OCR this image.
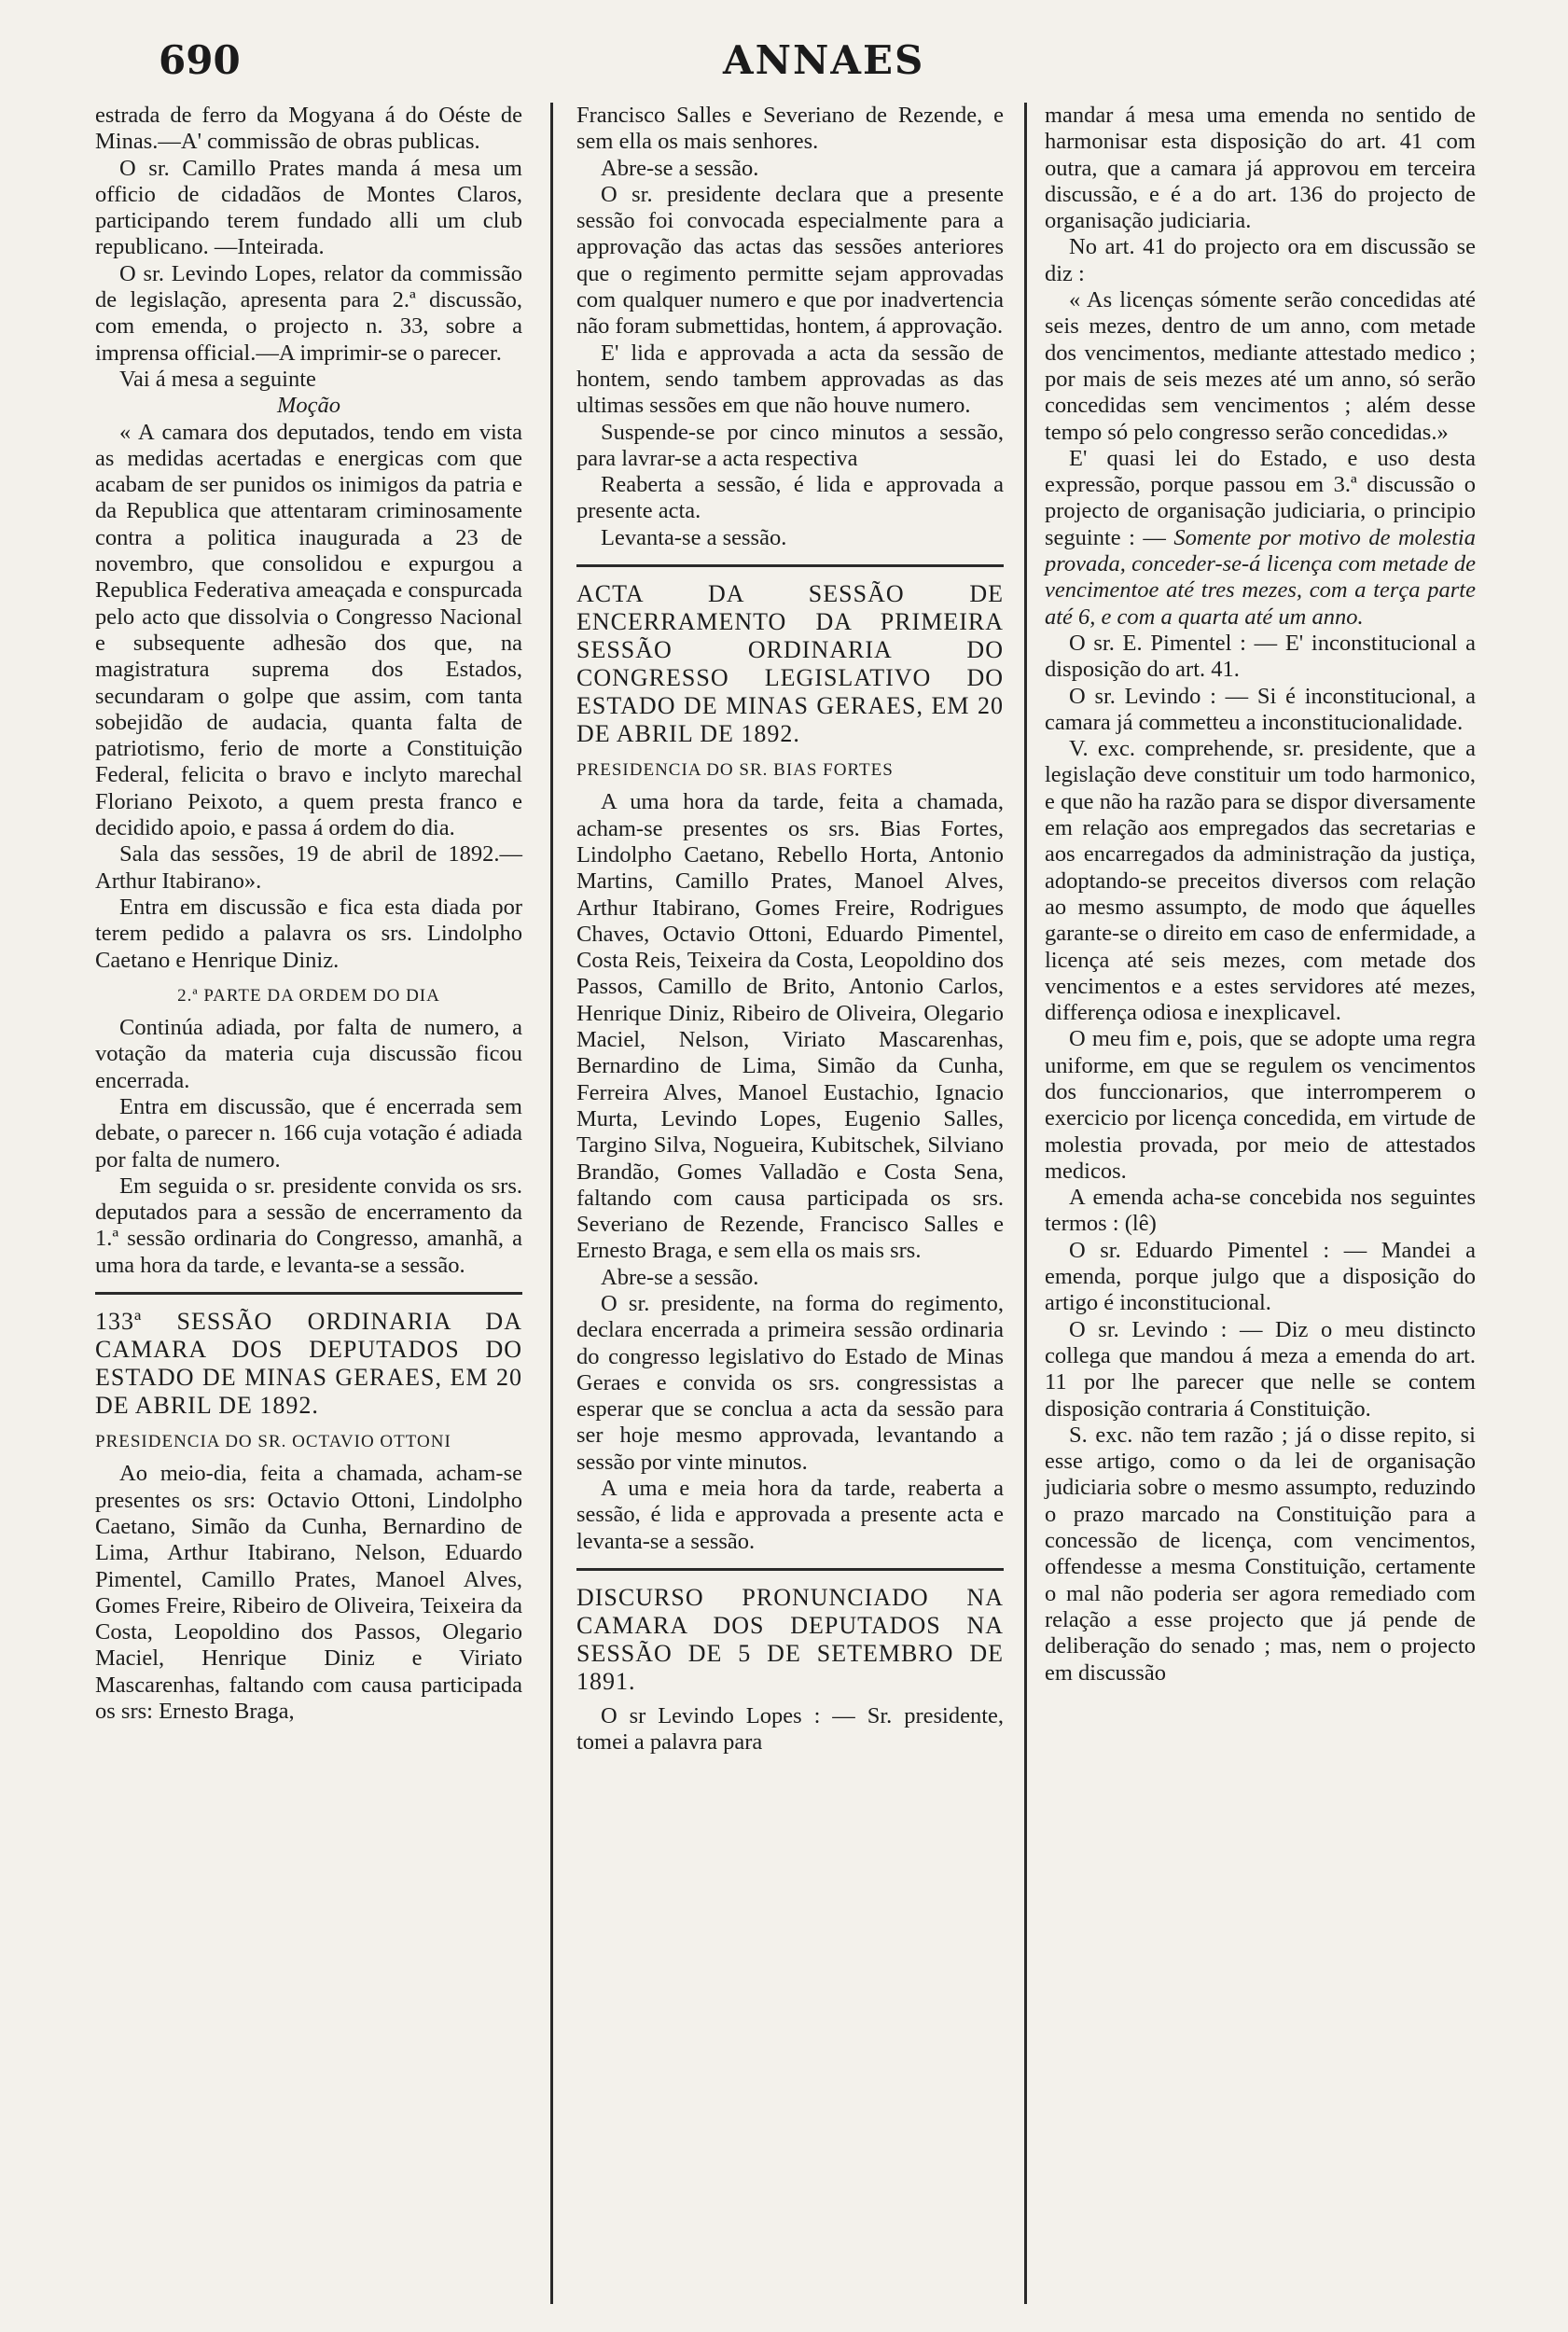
690	ANNAES

estrada de ferro da Mogyana á do Oéste de Minas.—A' commissão de obras publicas.

O sr. Camillo Prates manda á mesa um officio de cidadãos de Montes Claros, participando terem fundado alli um club republicano. —Inteirada.

O sr. Levindo Lopes, relator da commissão de legislação, apresenta para 2.ª discussão, com emenda, o projecto n. 33, sobre a imprensa official.—A imprimir-se o parecer.

Vai á mesa a seguinte

Moção

« A camara dos deputados, tendo em vista as medidas acertadas e energicas com que acabam de ser punidos os inimigos da patria e da Republica que attentaram criminosamente contra a politica inaugurada a 23 de novembro, que consolidou e expurgou a Republica Federativa ameaçada e conspurcada pelo acto que dissolvia o Congresso Nacional e subsequente adhesão dos que, na magistratura suprema dos Estados, secundaram o golpe que assim, com tanta sobejidão de audacia, quanta falta de patriotismo, ferio de morte a Constituição Federal, felicita o bravo e inclyto marechal Floriano Peixoto, a quem presta franco e decidido apoio, e passa á ordem do dia.

Sala das sessões, 19 de abril de 1892.—Arthur Itabirano».

Entra em discussão e fica esta diada por terem pedido a palavra os srs. Lindolpho Caetano e Henrique Diniz.

2.ª PARTE DA ORDEM DO DIA

Continúa adiada, por falta de numero, a votação da materia cuja discussão ficou encerrada.

Entra em discussão, que é encerrada sem debate, o parecer n. 166 cuja votação é adiada por falta de numero.

Em seguida o sr. presidente convida os srs. deputados para a sessão de encerramento da 1.ª sessão ordinaria do Congresso, amanhã, a uma hora da tarde, e levanta-se a sessão.

133ª SESSÃO ORDINARIA DA CAMARA DOS DEPUTADOS DO ESTADO DE MINAS GERAES, EM 20 DE ABRIL DE 1892.

PRESIDENCIA DO SR. OCTAVIO OTTONI

Ao meio-dia, feita a chamada, acham-se presentes os srs: Octavio Ottoni, Lindolpho Caetano, Simão da Cunha, Bernardino de Lima, Arthur Itabirano, Nelson, Eduardo Pimentel, Camillo Prates, Manoel Alves, Gomes Freire, Ribeiro de Oliveira, Teixeira da Costa, Leopoldino dos Passos, Olegario Maciel, Henrique Diniz e Viriato Mascarenhas, faltando com causa participada os srs: Ernesto Braga,

Francisco Salles e Severiano de Rezende, e sem ella os mais senhores.

Abre-se a sessão.

O sr. presidente declara que a presente sessão foi convocada especialmente para a approvação das actas das sessões anteriores que o regimento permitte sejam approvadas com qualquer numero e que por inadvertencia não foram submettidas, hontem, á approvação.

E' lida e approvada a acta da sessão de hontem, sendo tambem approvadas as das ultimas sessões em que não houve numero.

Suspende-se por cinco minutos a sessão, para lavrar-se a acta respectiva

Reaberta a sessão, é lida e approvada a presente acta.

Levanta-se a sessão.

ACTA DA SESSÃO DE ENCERRAMENTO DA PRIMEIRA SESSÃO ORDINARIA DO CONGRESSO LEGISLATIVO DO ESTADO DE MINAS GERAES, EM 20 DE ABRIL DE 1892.

PRESIDENCIA DO SR. BIAS FORTES

A uma hora da tarde, feita a chamada, acham-se presentes os srs. Bias Fortes, Lindolpho Caetano, Rebello Horta, Antonio Martins, Camillo Prates, Manoel Alves, Arthur Itabirano, Gomes Freire, Rodrigues Chaves, Octavio Ottoni, Eduardo Pimentel, Costa Reis, Teixeira da Costa, Leopoldino dos Passos, Camillo de Brito, Antonio Carlos, Henrique Diniz, Ribeiro de Oliveira, Olegario Maciel, Nelson, Viriato Mascarenhas, Bernardino de Lima, Simão da Cunha, Ferreira Alves, Manoel Eustachio, Ignacio Murta, Levindo Lopes, Eugenio Salles, Targino Silva, Nogueira, Kubitschek, Silviano Brandão, Gomes Valladão e Costa Sena, faltando com causa participada os srs. Severiano de Rezende, Francisco Salles e Ernesto Braga, e sem ella os mais srs.

Abre-se a sessão.

O sr. presidente, na forma do regimento, declara encerrada a primeira sessão ordinaria do congresso legislativo do Estado de Minas Geraes e convida os srs. congressistas a esperar que se conclua a acta da sessão para ser hoje mesmo approvada, levantando a sessão por vinte minutos.

A uma e meia hora da tarde, reaberta a sessão, é lida e approvada a presente acta e levanta-se a sessão.

DISCURSO PRONUNCIADO NA CAMARA DOS DEPUTADOS NA SESSÃO DE 5 DE SETEMBRO DE 1891.

O sr Levindo Lopes : — Sr. presidente, tomei a palavra para

mandar á mesa uma emenda no sentido de harmonisar esta disposição do art. 41 com outra, que a camara já approvou em terceira discussão, e é a do art. 136 do projecto de organisação judiciaria.

No art. 41 do projecto ora em discussão se diz :

« As licenças sómente serão concedidas até seis mezes, dentro de um anno, com metade dos vencimentos, mediante attestado medico ; por mais de seis mezes até um anno, só serão concedidas sem vencimentos ; além desse tempo só pelo congresso serão concedidas.»

E' quasi lei do Estado, e uso desta expressão, porque passou em 3.ª discussão o projecto de organisação judiciaria, o principio seguinte : — Somente por motivo de molestia provada, conceder-se-á licença com metade de vencimentoe até tres mezes, com a terça parte até 6, e com a quarta até um anno.

O sr. E. Pimentel : — E' inconstitucional a disposição do art. 41.

O sr. Levindo : — Si é inconstitucional, a camara já commetteu a inconstitucionalidade.

V. exc. comprehende, sr. presidente, que a legislação deve constituir um todo harmonico, e que não ha razão para se dispor diversamente em relação aos empregados das secretarias e aos encarregados da administração da justiça, adoptando-se preceitos diversos com relação ao mesmo assumpto, de modo que áquelles garante-se o direito em caso de enfermidade, a licença até seis mezes, com metade dos vencimentos e a estes servidores até mezes, differença odiosa e inexplicavel.

O meu fim e, pois, que se adopte uma regra uniforme, em que se regulem os vencimentos dos funccionarios, que interromperem o exercicio por licença concedida, em virtude de molestia provada, por meio de attestados medicos.

A emenda acha-se concebida nos seguintes termos : (lê)

O sr. Eduardo Pimentel : — Mandei a emenda, porque julgo que a disposição do artigo é inconstitucional.

O sr. Levindo : — Diz o meu distincto collega que mandou á meza a emenda do art. 11 por lhe parecer que nelle se contem disposição contraria á Constituição.

S. exc. não tem razão ; já o disse repito, si esse artigo, como o da lei de organisação judiciaria sobre o mesmo assumpto, reduzindo o prazo marcado na Constituição para a concessão de licença, com vencimentos, offendesse a mesma Constituição, certamente o mal não poderia ser agora remediado com relação a esse projecto que já pende de deliberação do senado ; mas, nem o projecto em discussão
